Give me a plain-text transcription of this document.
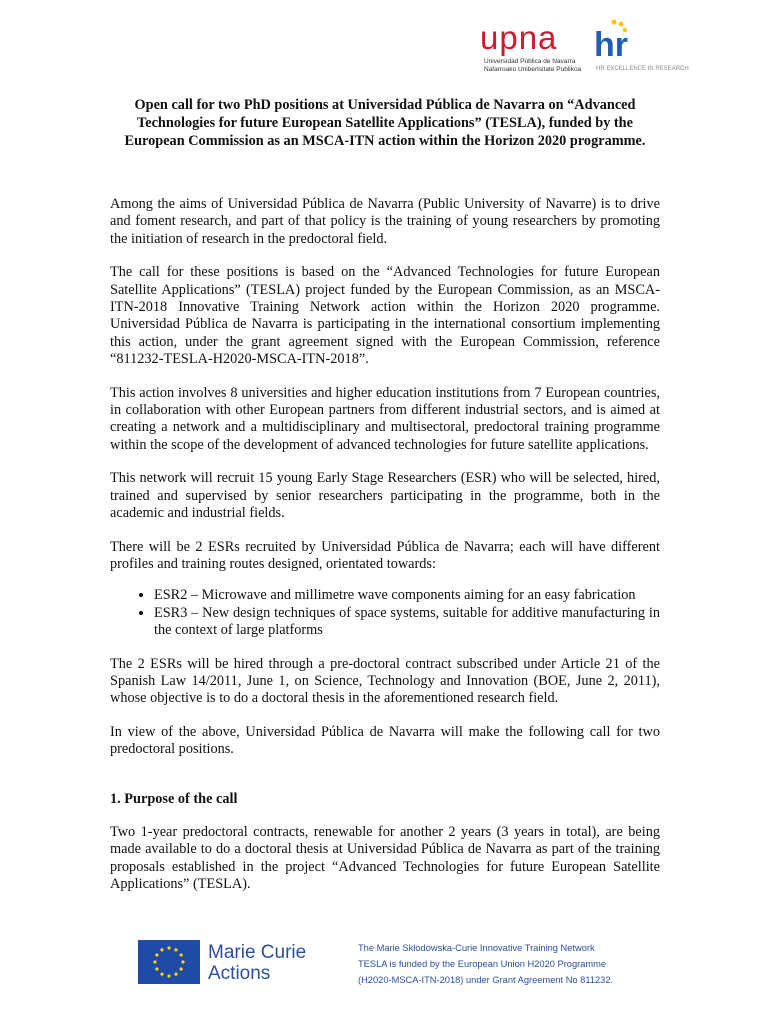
upna
Universidad Pública de Navarra
Nafarroako Unibertsitate Publikoa
hr
HR EXCELLENCE IN RESEARCH
Open call for two PhD positions at Universidad Pública de Navarra on “Advanced Technologies for future European Satellite Applications” (TESLA), funded by the European Commission as an MSCA-ITN action within the Horizon 2020 programme.

Among the aims of Universidad Pública de Navarra (Public University of Navarre) is to drive and foment research, and part of that policy is the training of young researchers by promoting the initiation of research in the predoctoral field.

The call for these positions is based on the “Advanced Technologies for future European Satellite Applications” (TESLA) project funded by the European Commission, as an MSCA-ITN-2018 Innovative Training Network action within the Horizon 2020 programme. Universidad Pública de Navarra is participating in the international consortium implementing this action, under the grant agreement signed with the European Commission, reference “811232-TESLA-H2020-MSCA-ITN-2018”.

This action involves 8 universities and higher education institutions from 7 European countries, in collaboration with other European partners from different industrial sectors, and is aimed at creating a network and a multidisciplinary and multisectoral, predoctoral training programme within the scope of the development of advanced technologies for future satellite applications.

This network will recruit 15 young Early Stage Researchers (ESR) who will be selected, hired, trained and supervised by senior researchers participating in the programme, both in the academic and industrial fields.

There will be 2 ESRs recruited by Universidad Pública de Navarra; each will have different profiles and training routes designed, orientated towards:

• ESR2 – Microwave and millimetre wave components aiming for an easy fabrication
• ESR3 – New design techniques of space systems, suitable for additive manufacturing in the context of large platforms

The 2 ESRs will be hired through a pre-doctoral contract subscribed under Article 21 of the Spanish Law 14/2011, June 1, on Science, Technology and Innovation (BOE, June 2, 2011), whose objective is to do a doctoral thesis in the aforementioned research field.

In view of the above, Universidad Pública de Navarra will make the following call for two predoctoral positions.

1. Purpose of the call

Two 1-year predoctoral contracts, renewable for another 2 years (3 years in total), are being made available to do a doctoral thesis at Universidad Pública de Navarra as part of the training proposals established in the project “Advanced Technologies for future European Satellite Applications” (TESLA).

Marie Curie
Actions
The Marie Skłodowska-Curie Innovative Training Network
TESLA is funded by the European Union H2020 Programme
(H2020-MSCA-ITN-2018) under Grant Agreement No 811232.
